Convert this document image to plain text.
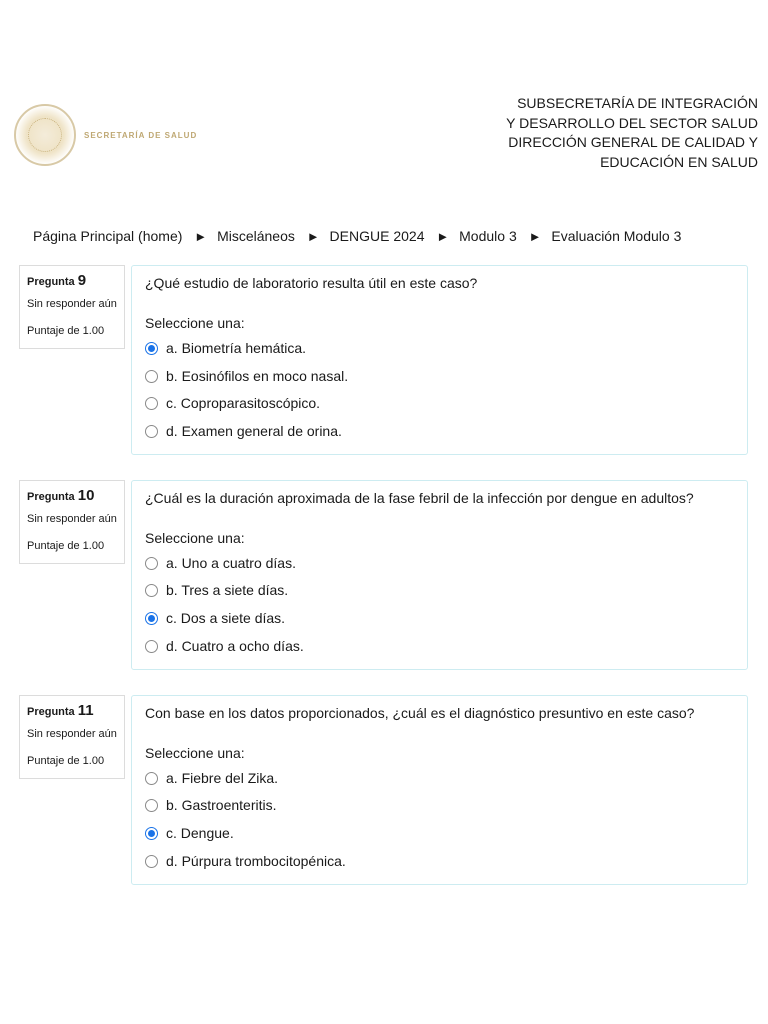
SECRETARÍA DE SALUD
SUBSECRETARÍA DE INTEGRACIÓN
Y DESARROLLO DEL SECTOR SALUD
DIRECCIÓN GENERAL DE CALIDAD Y
EDUCACIÓN EN SALUD
Página Principal (home) ► Misceláneos ► DENGUE 2024 ► Modulo 3 ► Evaluación Modulo 3
Pregunta 9
Sin responder aún
Puntaje de 1.00
¿Qué estudio de laboratorio resulta útil en este caso?
Seleccione una:
a. Biometría hemática.
b. Eosinófilos en moco nasal.
c. Coproparasitoscópico.
d. Examen general de orina.
Pregunta 10
Sin responder aún
Puntaje de 1.00
¿Cuál es la duración aproximada de la fase febril de la infección por dengue en adultos?
Seleccione una:
a. Uno a cuatro días.
b. Tres a siete días.
c. Dos a siete días.
d. Cuatro a ocho días.
Pregunta 11
Sin responder aún
Puntaje de 1.00
Con base en los datos proporcionados, ¿cuál es el diagnóstico presuntivo en este caso?
Seleccione una:
a. Fiebre del Zika.
b. Gastroenteritis.
c. Dengue.
d. Púrpura trombocitopénica.
